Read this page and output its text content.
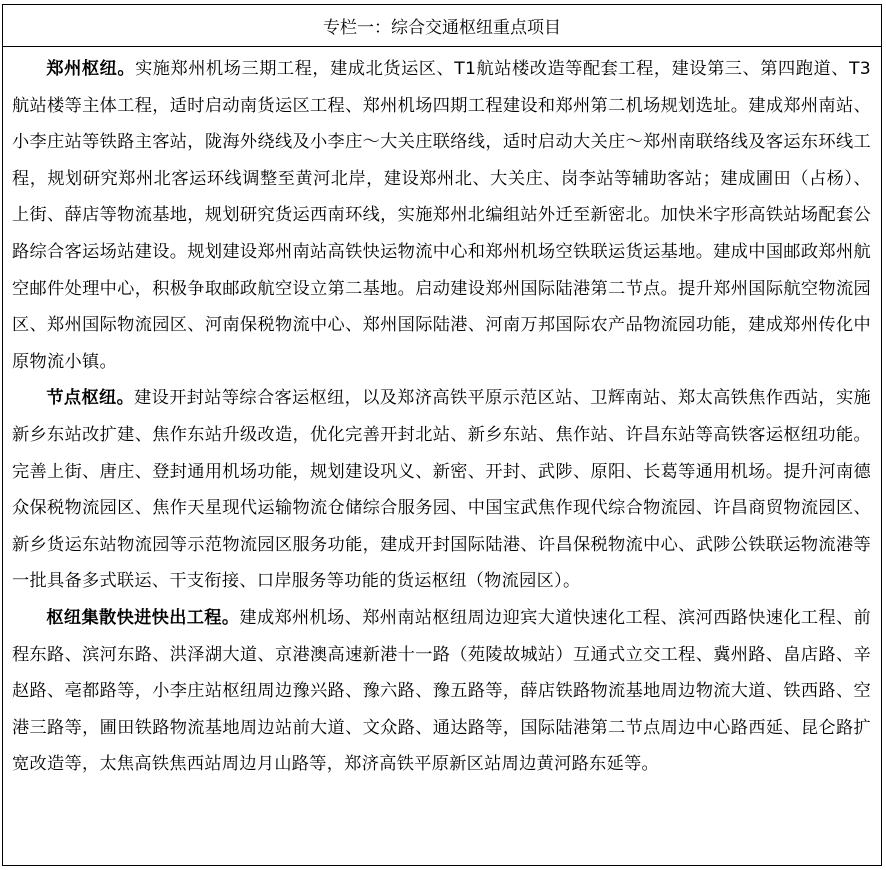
专栏一：综合交通枢纽重点项目

郑州枢纽。实施郑州机场三期工程，建成北货运区、T1航站楼改造等配套工程，建设第三、第四跑道、T3航站楼等主体工程，适时启动南货运区工程、郑州机场四期工程建设和郑州第二机场规划选址。建成郑州南站、小李庄站等铁路主客站，陇海外绕线及小李庄～大关庄联络线，适时启动大关庄～郑州南联络线及客运东环线工程，规划研究郑州北客运环线调整至黄河北岸，建设郑州北、大关庄、岗李站等辅助客站；建成圃田（占杨）、上街、薛店等物流基地，规划研究货运西南环线，实施郑州北编组站外迁至新密北。加快米字形高铁站场配套公路综合客运场站建设。规划建设郑州南站高铁快运物流中心和郑州机场空铁联运货运基地。建成中国邮政郑州航空邮件处理中心，积极争取邮政航空设立第二基地。启动建设郑州国际陆港第二节点。提升郑州国际航空物流园区、郑州国际物流园区、河南保税物流中心、郑州国际陆港、河南万邦国际农产品物流园功能，建成郑州传化中原物流小镇。

节点枢纽。建设开封站等综合客运枢纽，以及郑济高铁平原示范区站、卫辉南站、郑太高铁焦作西站，实施新乡东站改扩建、焦作东站升级改造，优化完善开封北站、新乡东站、焦作站、许昌东站等高铁客运枢纽功能。完善上街、唐庄、登封通用机场功能，规划建设巩义、新密、开封、武陟、原阳、长葛等通用机场。提升河南德众保税物流园区、焦作天星现代运输物流仓储综合服务园、中国宝武焦作现代综合物流园、许昌商贸物流园区、新乡货运东站物流园等示范物流园区服务功能，建成开封国际陆港、许昌保税物流中心、武陟公铁联运物流港等一批具备多式联运、干支衔接、口岸服务等功能的货运枢纽（物流园区）。

枢纽集散快进快出工程。建成郑州机场、郑州南站枢纽周边迎宾大道快速化工程、滨河西路快速化工程、前程东路、滨河东路、洪泽湖大道、京港澳高速新港十一路（苑陵故城站）互通式立交工程、冀州路、畠店路、辛赵路、亳都路等，小李庄站枢纽周边豫兴路、豫六路、豫五路等，薛店铁路物流基地周边物流大道、铁西路、空港三路等，圃田铁路物流基地周边站前大道、文众路、通达路等，国际陆港第二节点周边中心路西延、昆仑路扩宽改造等，太焦高铁焦西站周边月山路等，郑济高铁平原新区站周边黄河路东延等。
